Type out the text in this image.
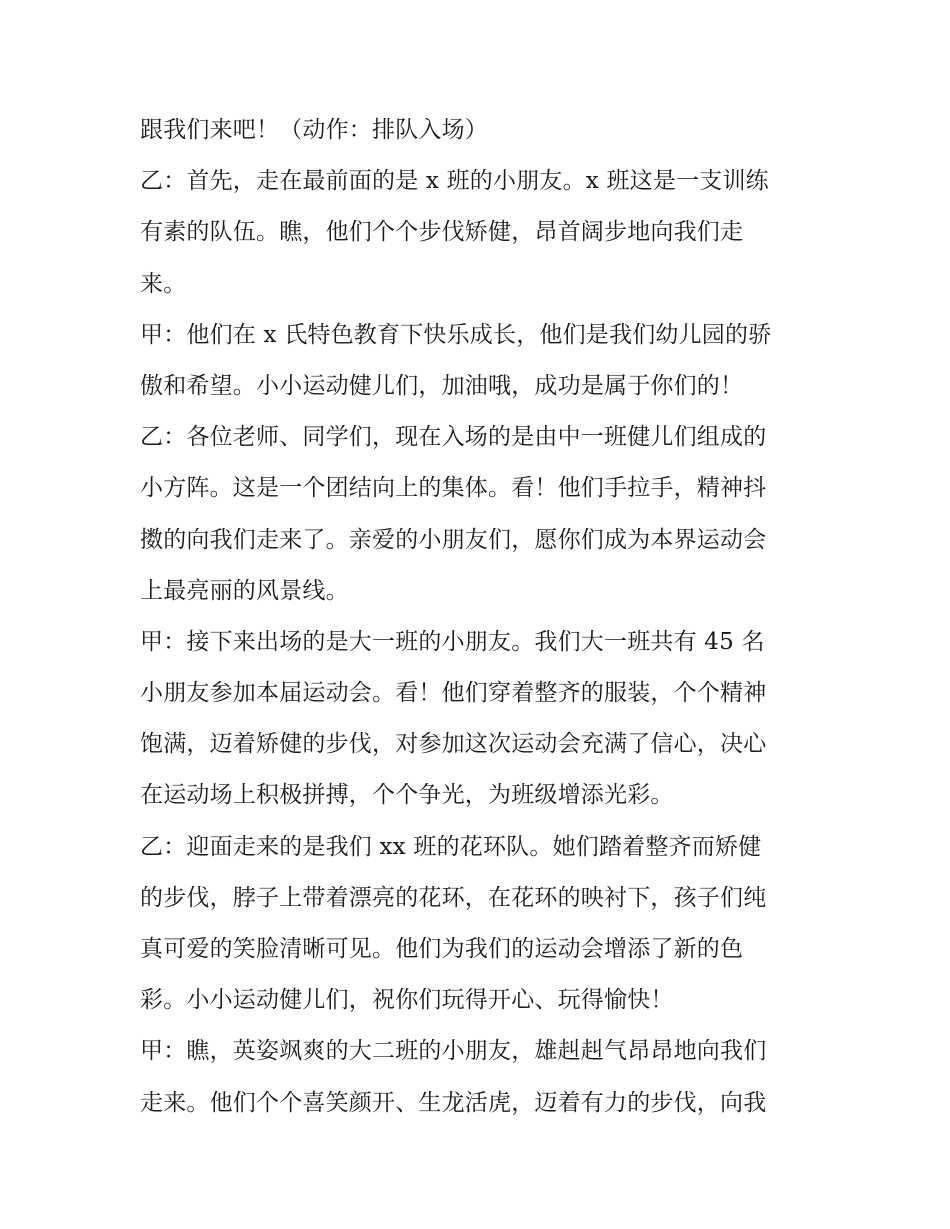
跟我们来吧！（动作：排队入场）
乙：首先，走在最前面的是 x 班的小朋友。x 班这是一支训练
有素的队伍。瞧，他们个个步伐矫健，昂首阔步地向我们走
来。
甲：他们在 x 氏特色教育下快乐成长，他们是我们幼儿园的骄
傲和希望。小小运动健儿们，加油哦，成功是属于你们的！
乙：各位老师、同学们，现在入场的是由中一班健儿们组成的
小方阵。这是一个团结向上的集体。看！他们手拉手，精神抖
擞的向我们走来了。亲爱的小朋友们，愿你们成为本界运动会
上最亮丽的风景线。
甲：接下来出场的是大一班的小朋友。我们大一班共有 45 名
小朋友参加本届运动会。看！他们穿着整齐的服装，个个精神
饱满，迈着矫健的步伐，对参加这次运动会充满了信心，决心
在运动场上积极拼搏，个个争光，为班级增添光彩。
乙：迎面走来的是我们 xx 班的花环队。她们踏着整齐而矫健
的步伐，脖子上带着漂亮的花环，在花环的映衬下，孩子们纯
真可爱的笑脸清晰可见。他们为我们的运动会增添了新的色
彩。小小运动健儿们，祝你们玩得开心、玩得愉快！
甲：瞧，英姿飒爽的大二班的小朋友，雄赳赳气昂昂地向我们
走来。他们个个喜笑颜开、生龙活虎，迈着有力的步伐，向我
